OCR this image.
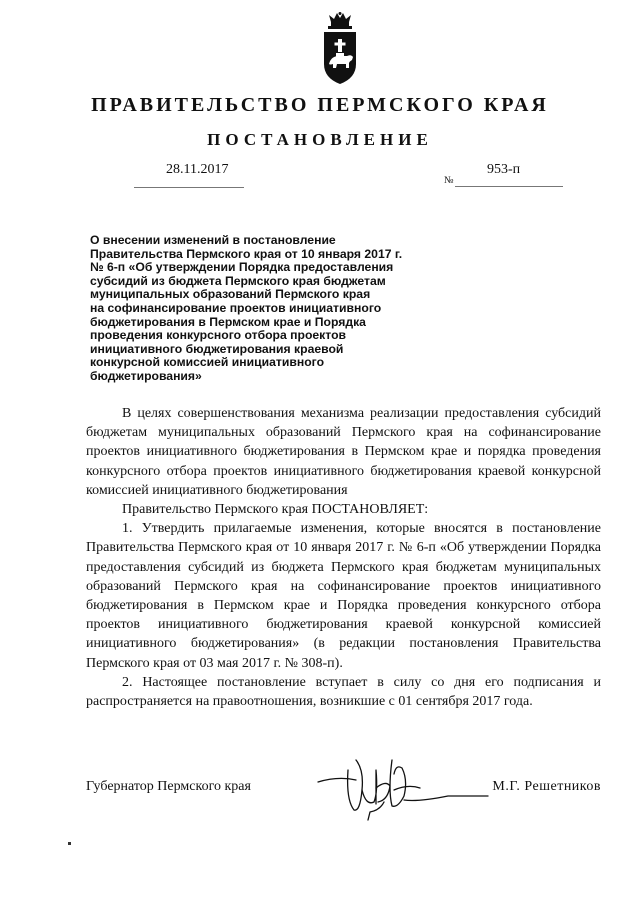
ПРАВИТЕЛЬСТВО ПЕРМСКОГО КРАЯ
ПОСТАНОВЛЕНИЕ
28.11.2017	953-п
№
О внесении изменений в постановление
Правительства Пермского края от 10 января 2017 г.
№ 6-п «Об утверждении Порядка предоставления
субсидий из бюджета Пермского края бюджетам
муниципальных образований Пермского края
на софинансирование проектов инициативного
бюджетирования в Пермском крае и Порядка
проведения конкурсного отбора проектов
инициативного бюджетирования краевой
конкурсной комиссией инициативного
бюджетирования»

В целях совершенствования механизма реализации предоставления субсидий бюджетам муниципальных образований Пермского края на софинансирование проектов инициативного бюджетирования в Пермском крае и порядка проведения конкурсного отбора проектов инициативного бюджетирования краевой конкурсной комиссией инициативного бюджетирования

Правительство Пермского края ПОСТАНОВЛЯЕТ:

1. Утвердить прилагаемые изменения, которые вносятся в постановление Правительства Пермского края от 10 января 2017 г. № 6-п «Об утверждении Порядка предоставления субсидий из бюджета Пермского края бюджетам муниципальных образований Пермского края на софинансирование проектов инициативного бюджетирования в Пермском крае и Порядка проведения конкурсного отбора проектов инициативного бюджетирования краевой конкурсной комиссией инициативного бюджетирования» (в редакции постановления Правительства Пермского края от 03 мая 2017 г. № 308-п).

2. Настоящее постановление вступает в силу со дня его подписания и распространяется на правоотношения, возникшие с 01 сентября 2017 года.

Губернатор Пермского края	М.Г. Решетников
